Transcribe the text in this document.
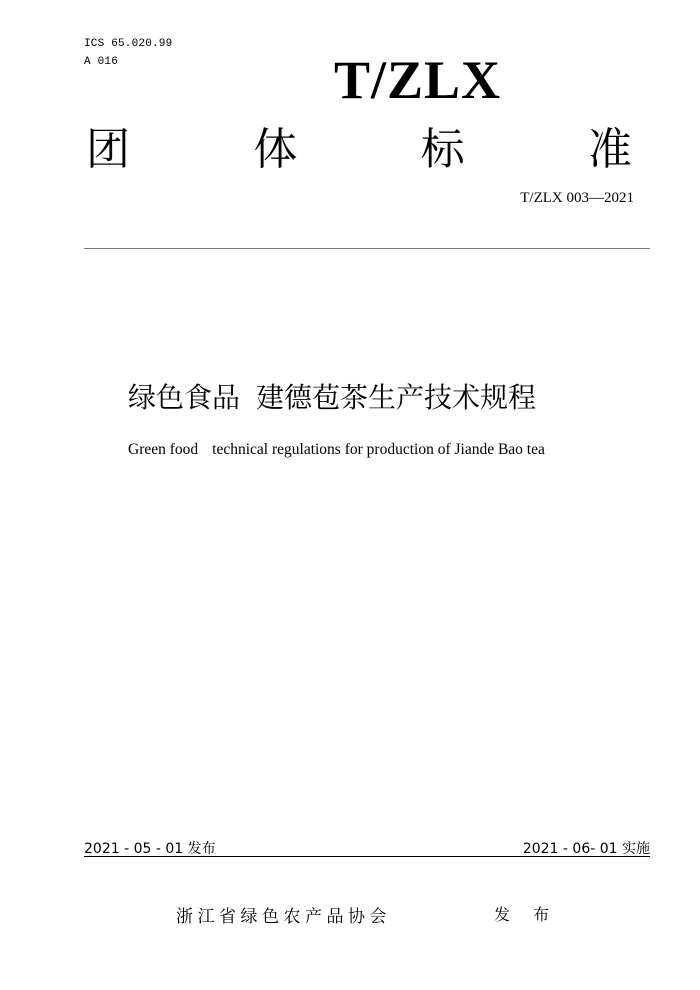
ICS 65.020.99
A 016	T/ZLX
团	体	标	准
T/ZLX 003—2021
绿色食品 建德苞茶生产技术规程
Green food technical regulations for production of Jiande Bao tea
2021 - 05 - 01 发布	2021 - 06- 01 实施
浙江省绿色农产品协会	发 布
